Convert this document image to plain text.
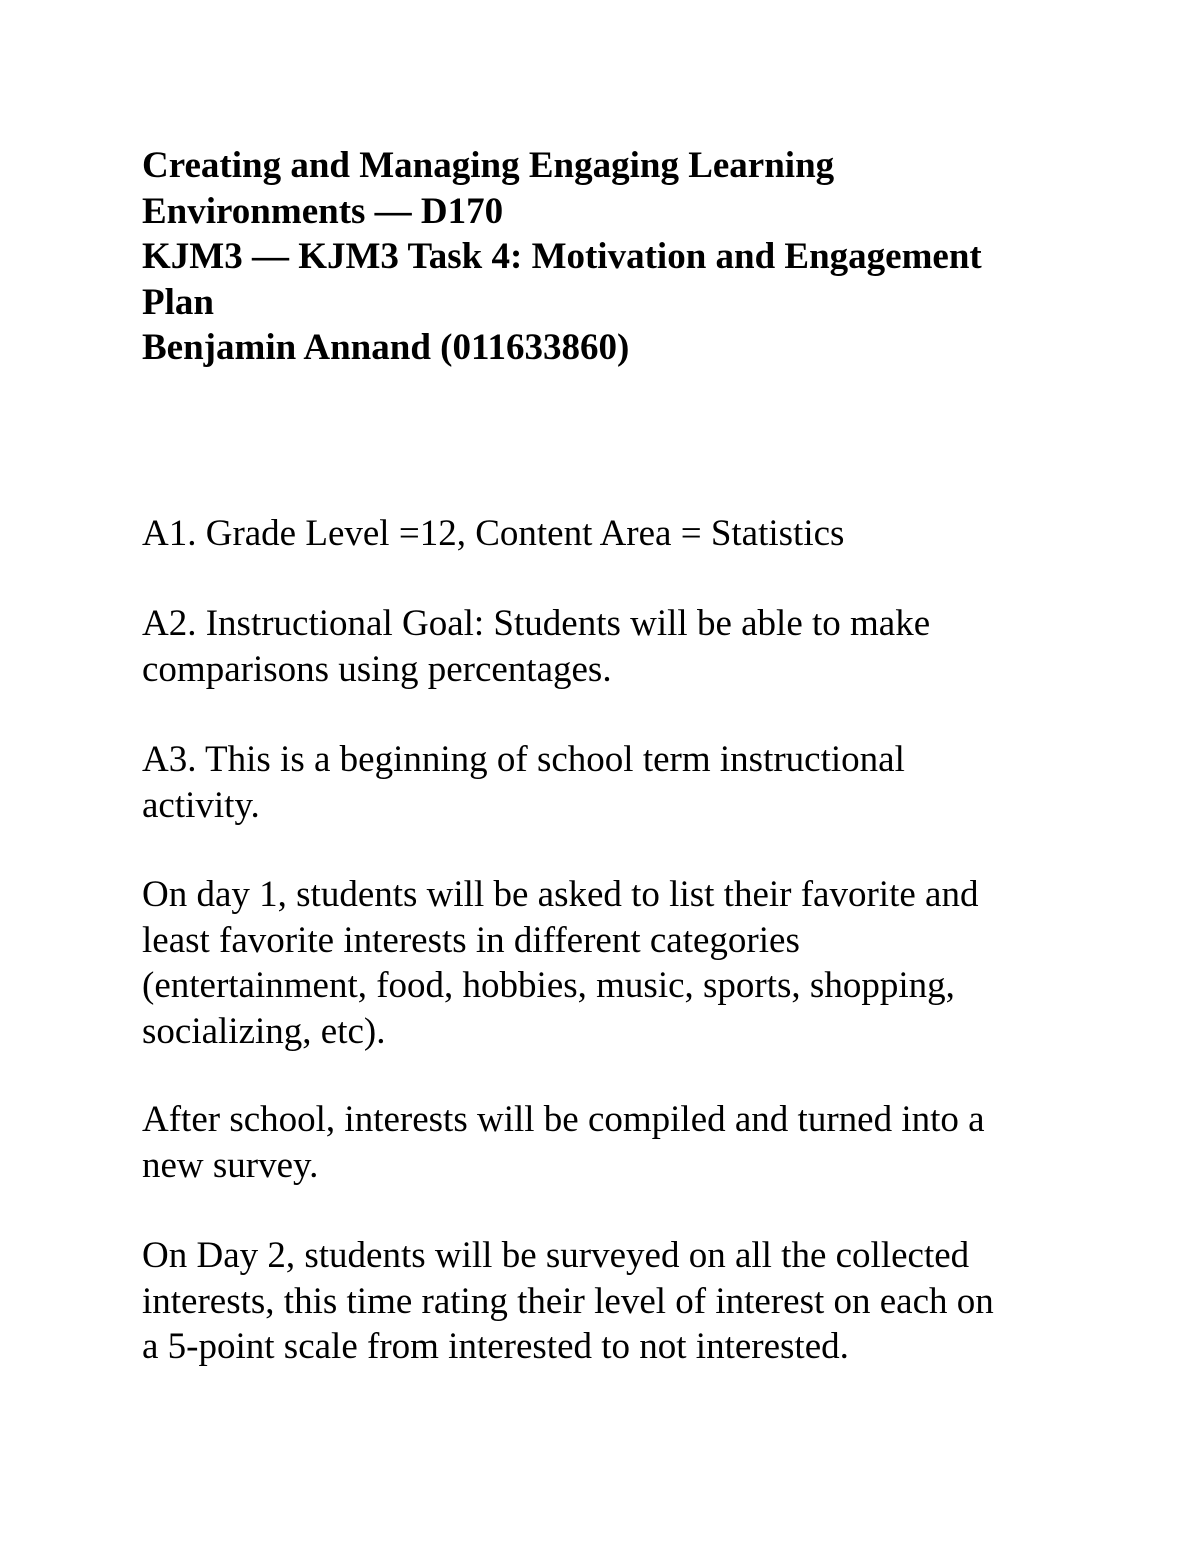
Creating and Managing Engaging Learning
Environments — D170
KJM3 — KJM3 Task 4: Motivation and Engagement
Plan
Benjamin Annand (011633860)

A1. Grade Level =12, Content Area = Statistics

A2. Instructional Goal: Students will be able to make
comparisons using percentages.

A3. This is a beginning of school term instructional
activity.

On day 1, students will be asked to list their favorite and
least favorite interests in different categories
(entertainment, food, hobbies, music, sports, shopping,
socializing, etc).

After school, interests will be compiled and turned into a
new survey.

On Day 2, students will be surveyed on all the collected
interests, this time rating their level of interest on each on
a 5-point scale from interested to not interested.
